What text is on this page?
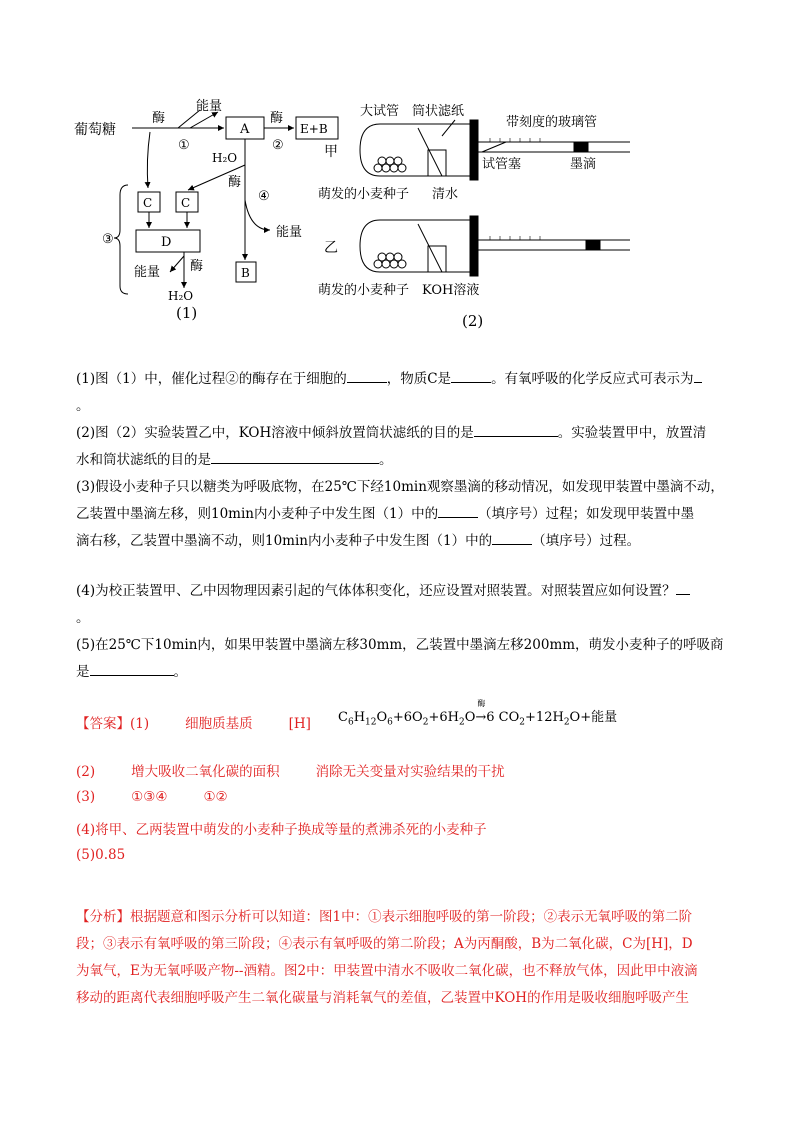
葡萄糖
酶
①
能量
A
酶
②
E+B
H₂O
酶
④
能量
B
C C
D
能量 酶
H₂O
③
(1)
大试管 筒状滤纸
带刻度的玻璃管
甲
试管塞	墨滴
萌发的小麦种子 清水
乙
萌发的小麦种子 KOH溶液
(2)
(1)图（1）中，催化过程②的酶存在于细胞的	，物质C是	。有氧呼吸的化学反应式可表示为
。
(2)图（2）实验装置乙中，KOH溶液中倾斜放置筒状滤纸的目的是	。实验装置甲中，放置清
水和筒状滤纸的目的是	。
(3)假设小麦种子只以糖类为呼吸底物，在25℃下经10min观察墨滴的移动情况，如发现甲装置中墨滴不动，
乙装置中墨滴左移，则10min内小麦种子中发生图（1）中的	（填序号）过程；如发现甲装置中墨
滴右移，乙装置中墨滴不动，则10min内小麦种子中发生图（1）中的	（填序号）过程。
(4)为校正装置甲、乙中因物理因素引起的气体体积变化，还应设置对照装置。对照装置应如何设置？
。
(5)在25℃下10min内，如果甲装置中墨滴左移30mm，乙装置中墨滴左移200mm，萌发小麦种子的呼吸商
是	。
【答案】(1)	细胞质基质	[H] $C_6H_{12}O_6+6O_2+6H_2O\to$
酶
6 $CO_2+12H_2O+$能量
(2)	增大吸收二氧化碳的面积	消除无关变量对实验结果的干扰
(3)	①③④	①②
(4)将甲、乙两装置中萌发的小麦种子换成等量的煮沸杀死的小麦种子
(5)0.85
【分析】根据题意和图示分析可以知道：图1中：①表示细胞呼吸的第一阶段；②表示无氧呼吸的第二阶
段；③表示有氧呼吸的第三阶段；④表示有氧呼吸的第二阶段；A为丙酮酸，B为二氧化碳，C为[H]，D
为氧气，E为无氧呼吸产物--酒精。图2中：甲装置中清水不吸收二氧化碳，也不释放气体，因此甲中液滴
移动的距离代表细胞呼吸产生二氧化碳量与消耗氧气的差值，乙装置中KOH的作用是吸收细胞呼吸产生
